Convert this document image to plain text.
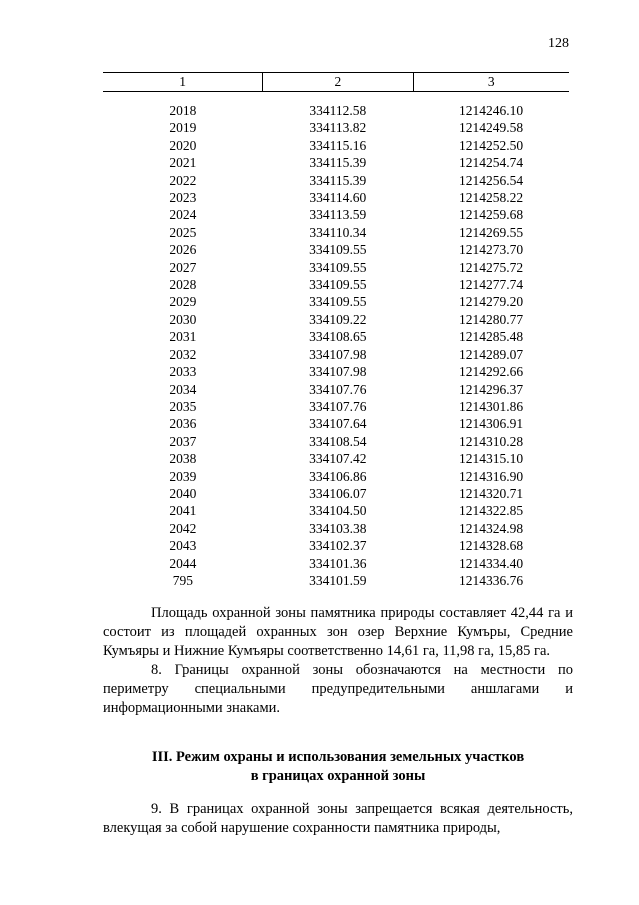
128
1	2	3
2018	334112.58	1214246.10
2019	334113.82	1214249.58
2020	334115.16	1214252.50
2021	334115.39	1214254.74
2022	334115.39	1214256.54
2023	334114.60	1214258.22
2024	334113.59	1214259.68
2025	334110.34	1214269.55
2026	334109.55	1214273.70
2027	334109.55	1214275.72
2028	334109.55	1214277.74
2029	334109.55	1214279.20
2030	334109.22	1214280.77
2031	334108.65	1214285.48
2032	334107.98	1214289.07
2033	334107.98	1214292.66
2034	334107.76	1214296.37
2035	334107.76	1214301.86
2036	334107.64	1214306.91
2037	334108.54	1214310.28
2038	334107.42	1214315.10
2039	334106.86	1214316.90
2040	334106.07	1214320.71
2041	334104.50	1214322.85
2042	334103.38	1214324.98
2043	334102.37	1214328.68
2044	334101.36	1214334.40
795	334101.59	1214336.76

Площадь охранной зоны памятника природы составляет 42,44 га и состоит из площадей охранных зон озер Верхние Кумъры, Средние Кумъяры и Нижние Кумъяры соответственно 14,61 га, 11,98 га, 15,85 га.

8. Границы охранной зоны обозначаются на местности по периметру специальными предупредительными аншлагами и информационными знаками.

III. Режим охраны и использования земельных участков
в границах охранной зоны

9. В границах охранной зоны запрещается всякая деятельность, влекущая за собой нарушение сохранности памятника природы,
